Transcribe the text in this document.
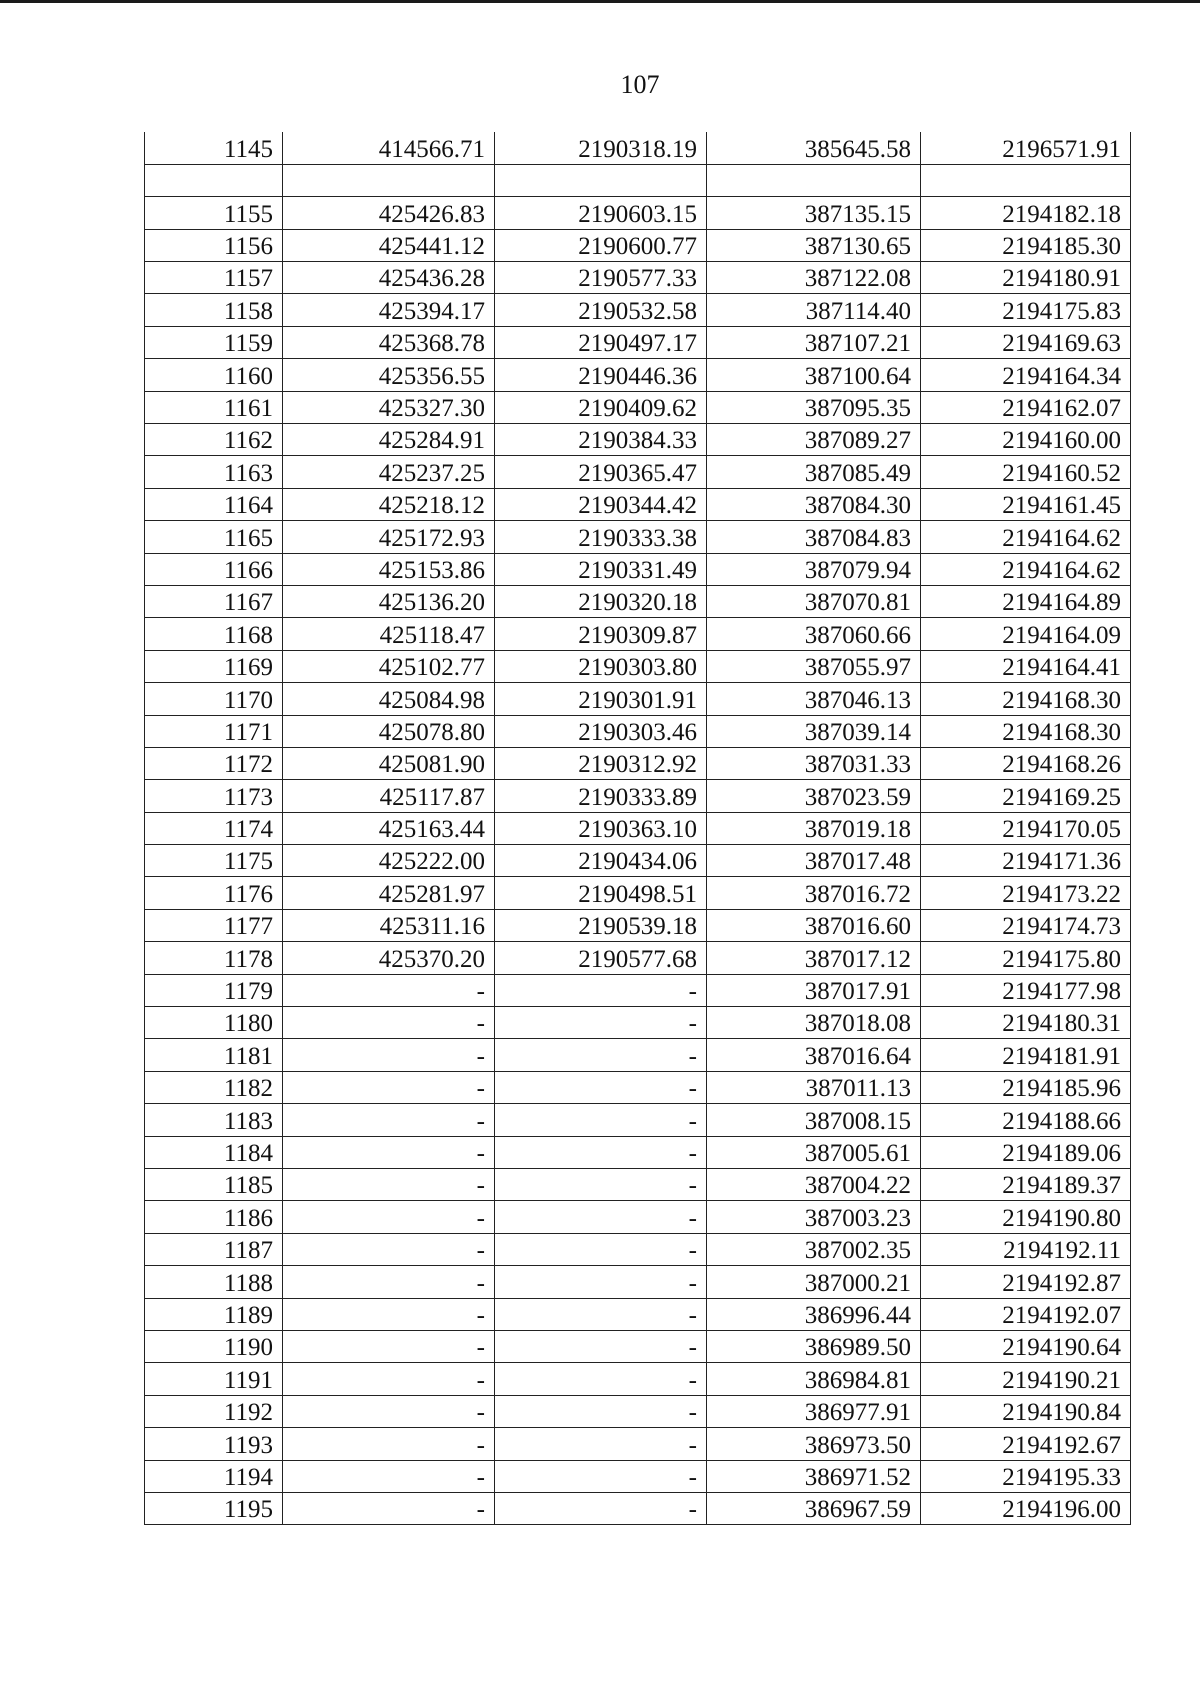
107
1145	414566.71	2190318.19	385645.58	2196571.91

1155	425426.83	2190603.15	387135.15	2194182.18
1156	425441.12	2190600.77	387130.65	2194185.30
1157	425436.28	2190577.33	387122.08	2194180.91
1158	425394.17	2190532.58	387114.40	2194175.83
1159	425368.78	2190497.17	387107.21	2194169.63
1160	425356.55	2190446.36	387100.64	2194164.34
1161	425327.30	2190409.62	387095.35	2194162.07
1162	425284.91	2190384.33	387089.27	2194160.00
1163	425237.25	2190365.47	387085.49	2194160.52
1164	425218.12	2190344.42	387084.30	2194161.45
1165	425172.93	2190333.38	387084.83	2194164.62
1166	425153.86	2190331.49	387079.94	2194164.62
1167	425136.20	2190320.18	387070.81	2194164.89
1168	425118.47	2190309.87	387060.66	2194164.09
1169	425102.77	2190303.80	387055.97	2194164.41
1170	425084.98	2190301.91	387046.13	2194168.30
1171	425078.80	2190303.46	387039.14	2194168.30
1172	425081.90	2190312.92	387031.33	2194168.26
1173	425117.87	2190333.89	387023.59	2194169.25
1174	425163.44	2190363.10	387019.18	2194170.05
1175	425222.00	2190434.06	387017.48	2194171.36
1176	425281.97	2190498.51	387016.72	2194173.22
1177	425311.16	2190539.18	387016.60	2194174.73
1178	425370.20	2190577.68	387017.12	2194175.80
1179	-	-	387017.91	2194177.98
1180	-	-	387018.08	2194180.31
1181	-	-	387016.64	2194181.91
1182	-	-	387011.13	2194185.96
1183	-	-	387008.15	2194188.66
1184	-	-	387005.61	2194189.06
1185	-	-	387004.22	2194189.37
1186	-	-	387003.23	2194190.80
1187	-	-	387002.35	2194192.11
1188	-	-	387000.21	2194192.87
1189	-	-	386996.44	2194192.07
1190	-	-	386989.50	2194190.64
1191	-	-	386984.81	2194190.21
1192	-	-	386977.91	2194190.84
1193	-	-	386973.50	2194192.67
1194	-	-	386971.52	2194195.33
1195	-	-	386967.59	2194196.00
